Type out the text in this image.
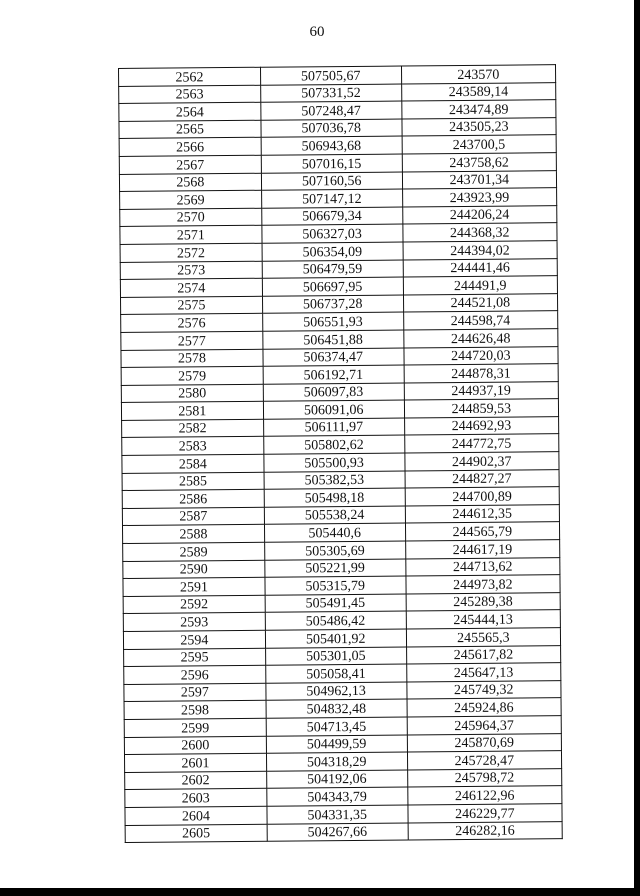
60
2562	507505,67	243570
2563	507331,52	243589,14
2564	507248,47	243474,89
2565	507036,78	243505,23
2566	506943,68	243700,5
2567	507016,15	243758,62
2568	507160,56	243701,34
2569	507147,12	243923,99
2570	506679,34	244206,24
2571	506327,03	244368,32
2572	506354,09	244394,02
2573	506479,59	244441,46
2574	506697,95	244491,9
2575	506737,28	244521,08
2576	506551,93	244598,74
2577	506451,88	244626,48
2578	506374,47	244720,03
2579	506192,71	244878,31
2580	506097,83	244937,19
2581	506091,06	244859,53
2582	506111,97	244692,93
2583	505802,62	244772,75
2584	505500,93	244902,37
2585	505382,53	244827,27
2586	505498,18	244700,89
2587	505538,24	244612,35
2588	505440,6	244565,79
2589	505305,69	244617,19
2590	505221,99	244713,62
2591	505315,79	244973,82
2592	505491,45	245289,38
2593	505486,42	245444,13
2594	505401,92	245565,3
2595	505301,05	245617,82
2596	505058,41	245647,13
2597	504962,13	245749,32
2598	504832,48	245924,86
2599	504713,45	245964,37
2600	504499,59	245870,69
2601	504318,29	245728,47
2602	504192,06	245798,72
2603	504343,79	246122,96
2604	504331,35	246229,77
2605	504267,66	246282,16
